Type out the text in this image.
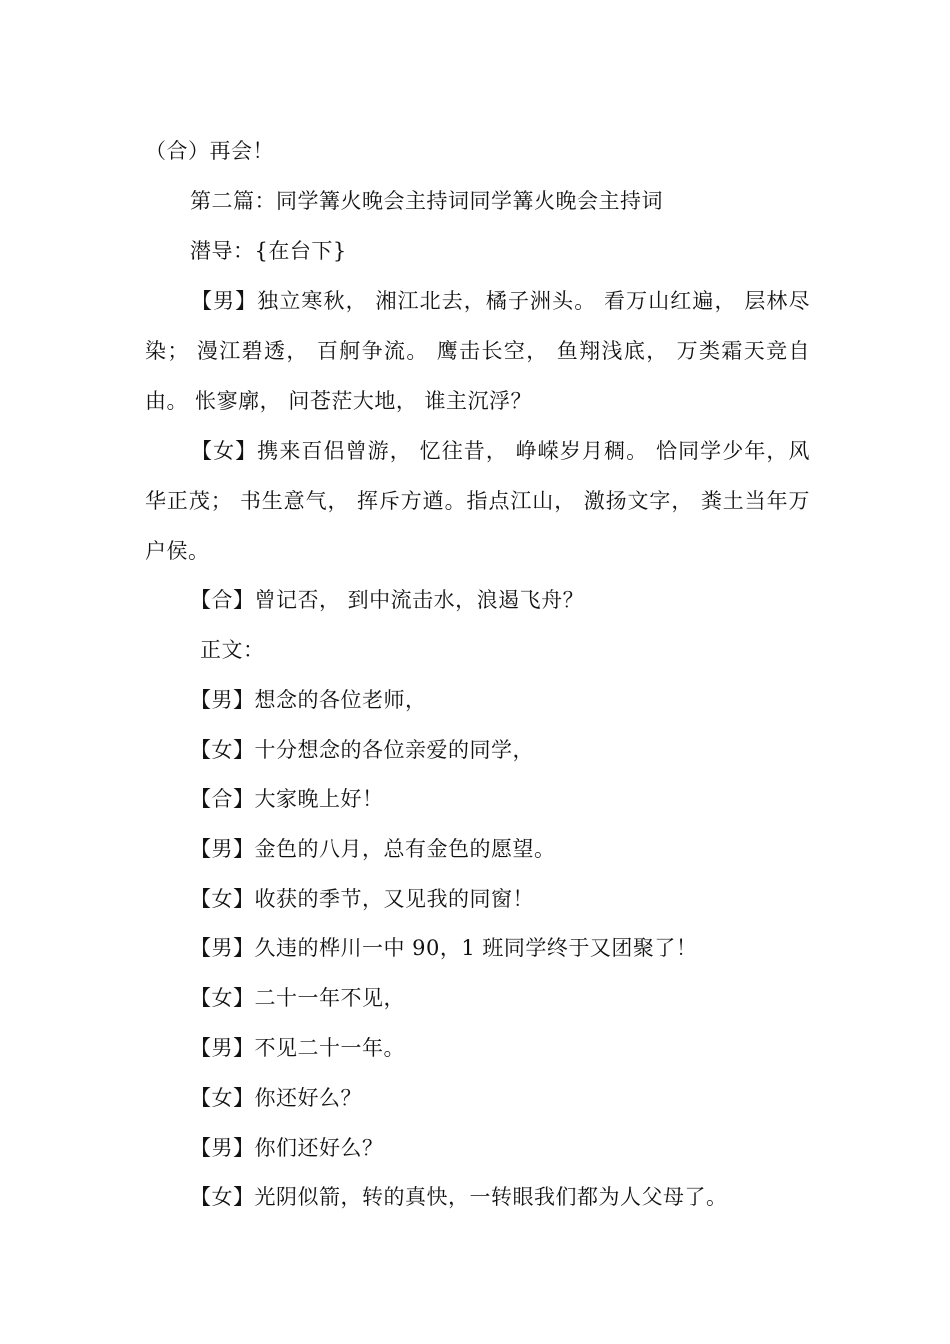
（合）再会！
第二篇：同学篝火晚会主持词同学篝火晚会主持词
潜导：{在台下}
【男】独立寒秋， 湘江北去，橘子洲头。 看万山红遍， 层林尽染； 漫江碧透， 百舸争流。 鹰击长空， 鱼翔浅底， 万类霜天竞自由。 怅寥廓， 问苍茫大地， 谁主沉浮？
【女】携来百侣曾游， 忆往昔， 峥嵘岁月稠。 恰同学少年，风华正茂； 书生意气， 挥斥方遒。指点江山， 激扬文字， 粪土当年万户侯。
【合】曾记否， 到中流击水，浪遏飞舟？
正文：
【男】想念的各位老师，
【女】十分想念的各位亲爱的同学，
【合】大家晚上好！
【男】金色的八月，总有金色的愿望。
【女】收获的季节，又见我的同窗！
【男】久违的桦川一中 90，1 班同学终于又团聚了！
【女】二十一年不见，
【男】不见二十一年。
【女】你还好么？
【男】你们还好么？
【女】光阴似箭，转的真快，一转眼我们都为人父母了。
